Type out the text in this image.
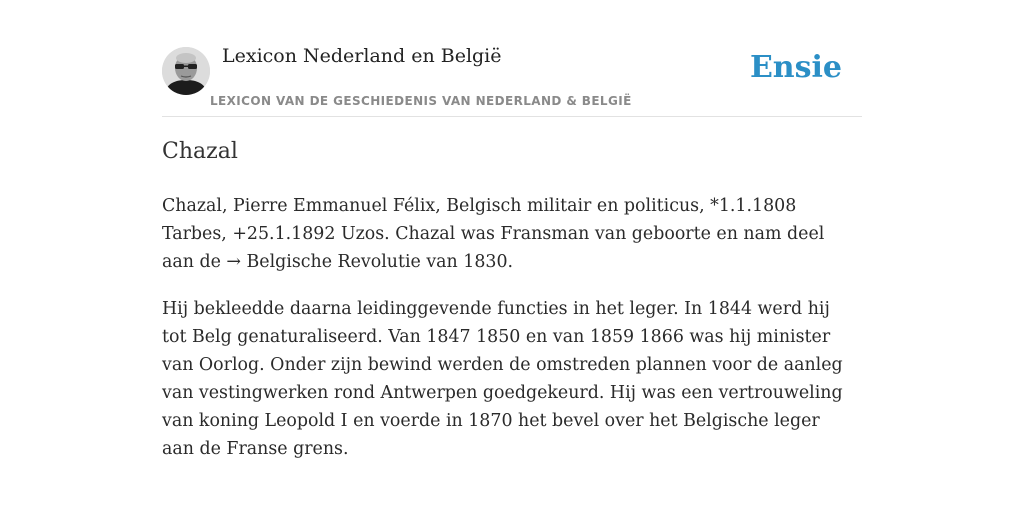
Lexicon Nederland en België
LEXICON VAN DE GESCHIEDENIS VAN NEDERLAND & BELGIË
Ensie
Chazal

Chazal, Pierre Emmanuel Félix, Belgisch militair en politicus, *1.1.1808 Tarbes, +25.1.1892 Uzos. Chazal was Fransman van geboorte en nam deel aan de → Belgische Revolutie van 1830.

Hij bekleedde daarna leidinggevende functies in het leger. In 1844 werd hij tot Belg genaturaliseerd. Van 1847 1850 en van 1859 1866 was hij minister van Oorlog. Onder zijn bewind werden de omstreden plannen voor de aanleg van vestingwerken rond Antwerpen goedgekeurd. Hij was een vertrouweling van koning Leopold I en voerde in 1870 het bevel over het Belgische leger aan de Franse grens.
